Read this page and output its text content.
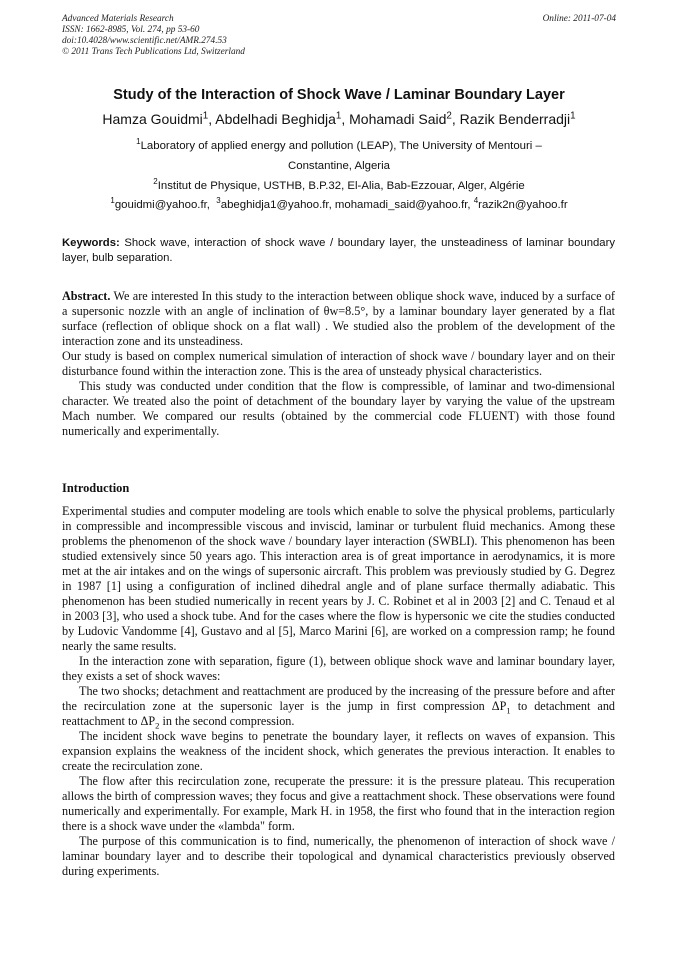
Advanced Materials Research
ISSN: 1662-8985, Vol. 274, pp 53-60
doi:10.4028/www.scientific.net/AMR.274.53
© 2011 Trans Tech Publications Ltd, Switzerland
Online: 2011-07-04
Study of the Interaction of Shock Wave / Laminar Boundary Layer
Hamza Gouidmi$^1$, Abdelhadi Beghidja$^1$, Mohamadi Said$^2$, Razik Benderradji$^1$
$^1$Laboratory of applied energy and pollution (LEAP), The University of Mentouri –
Constantine, Algeria
$^2$Institut de Physique, USTHB, B.P.32, El-Alia, Bab-Ezzouar, Alger, Algérie
$^1$gouidmi@yahoo.fr,  $^3$abeghidja1@yahoo.fr, mohamadi_said@yahoo.fr, $^4$razik2n@yahoo.fr
Keywords: Shock wave, interaction of shock wave / boundary layer, the unsteadiness of laminar boundary layer, bulb separation.

Abstract. We are interested In this study to the interaction between oblique shock wave, induced by a surface of a supersonic nozzle with an angle of inclination of θw=8.5°, by a laminar boundary layer generated by a flat surface (reflection of oblique shock on a flat wall) . We studied also the problem of the development of the interaction zone and its unsteadiness.

Our study is based on complex numerical simulation of interaction of shock wave / boundary layer and on their disturbance found within the interaction zone. This is the area of unsteady physical characteristics.

This study was conducted under condition that the flow is compressible, of laminar and two-dimensional character. We treated also the point of detachment of the boundary layer by varying the value of the upstream Mach number. We compared our results (obtained by the commercial code FLUENT) with those found numerically and experimentally.

Introduction

Experimental studies and computer modeling are tools which enable to solve the physical problems, particularly in compressible and incompressible viscous and inviscid, laminar or turbulent fluid mechanics. Among these problems the phenomenon of the shock wave / boundary layer interaction (SWBLI). This phenomenon has been studied extensively since 50 years ago. This interaction area is of great importance in aerodynamics, it is more met at the air intakes and on the wings of supersonic aircraft. This problem was previously studied by G. Degrez in 1987 [1] using a configuration of inclined dihedral angle and of plane surface thermally adiabatic. This phenomenon has been studied numerically in recent years by J. C. Robinet et al in 2003 [2] and C. Tenaud et al in 2003 [3], who used a shock tube. And for the cases where the flow is hypersonic we cite the studies conducted by Ludovic Vandomme [4], Gustavo and al [5], Marco Marini [6], are worked on a compression ramp; he found nearly the same results.

In the interaction zone with separation, figure (1), between oblique shock wave and laminar boundary layer, they exists a set of shock waves:

The two shocks; detachment and reattachment are produced by the increasing of the pressure before and after the recirculation zone at the supersonic layer is the jump in first compression $\Delta P_1$ to detachment and reattachment to $\Delta P_2$ in the second compression.

The incident shock wave begins to penetrate the boundary layer, it reflects on waves of expansion. This expansion explains the weakness of the incident shock, which generates the previous interaction. It enables to create the recirculation zone.

The flow after this recirculation zone, recuperate the pressure: it is the pressure plateau. This recuperation allows the birth of compression waves; they focus and give a reattachment shock. These observations were found numerically and experimentally. For example, Mark H. in 1958, the first who found that in the interaction region there is a shock wave under the «lambda" form.

The purpose of this communication is to find, numerically, the phenomenon of interaction of shock wave / laminar boundary layer and to describe their topological and dynamical characteristics previously observed during experiments.
